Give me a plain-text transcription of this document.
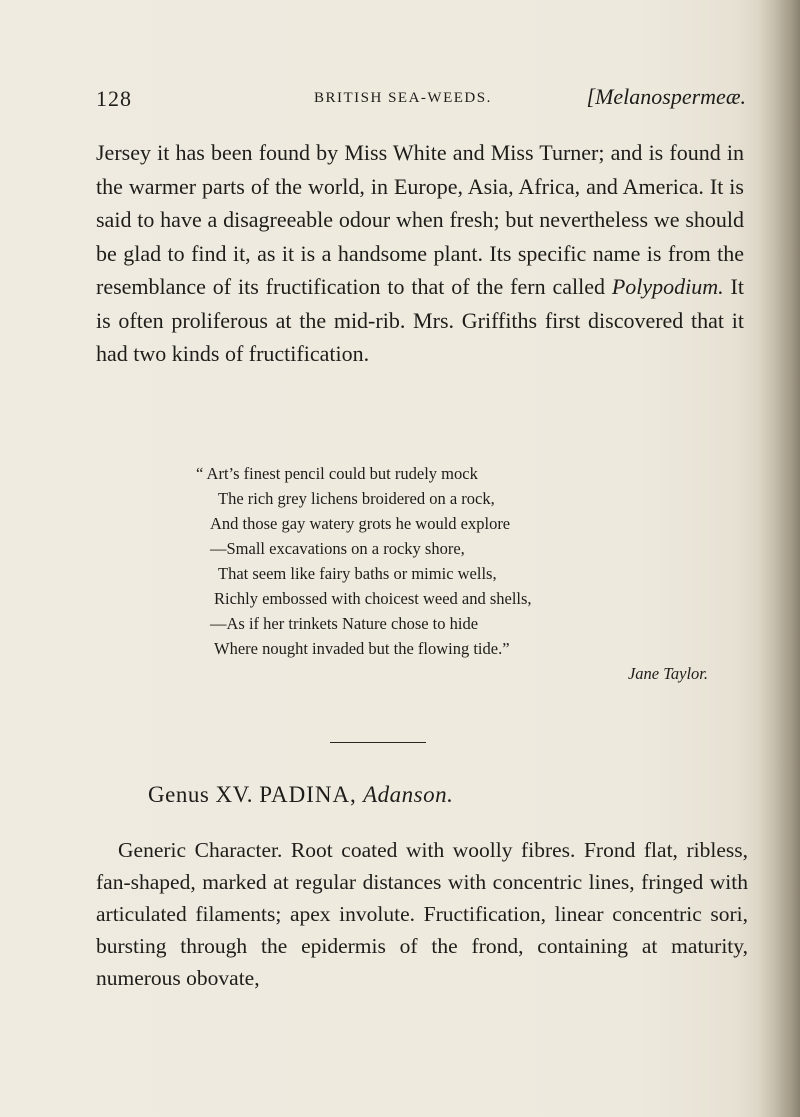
128	BRITISH SEA-WEEDS.	[Melanospermeæ.

Jersey it has been found by Miss White and Miss Turner; and is found in the warmer parts of the world, in Europe, Asia, Africa, and America. It is said to have a disagreeable odour when fresh; but nevertheless we should be glad to find it, as it is a handsome plant. Its specific name is from the resemblance of its fructification to that of the fern called Polypodium. It is often proliferous at the mid-rib. Mrs. Griffiths first discovered that it had two kinds of fructification.

“ Art’s finest pencil could but rudely mock
The rich grey lichens broidered on a rock,
And those gay watery grots he would explore
—Small excavations on a rocky shore,
That seem like fairy baths or mimic wells,
Richly embossed with choicest weed and shells,
—As if her trinkets Nature chose to hide
Where nought invaded but the flowing tide.”
Jane Taylor.
Genus XV. PADINA, Adanson.

Generic Character. Root coated with woolly fibres. Frond flat, ribless, fan-shaped, marked at regular distances with concentric lines, fringed with articulated filaments; apex involute. Fructification, linear concentric sori, bursting through the epidermis of the frond, containing at maturity, numerous obovate,
